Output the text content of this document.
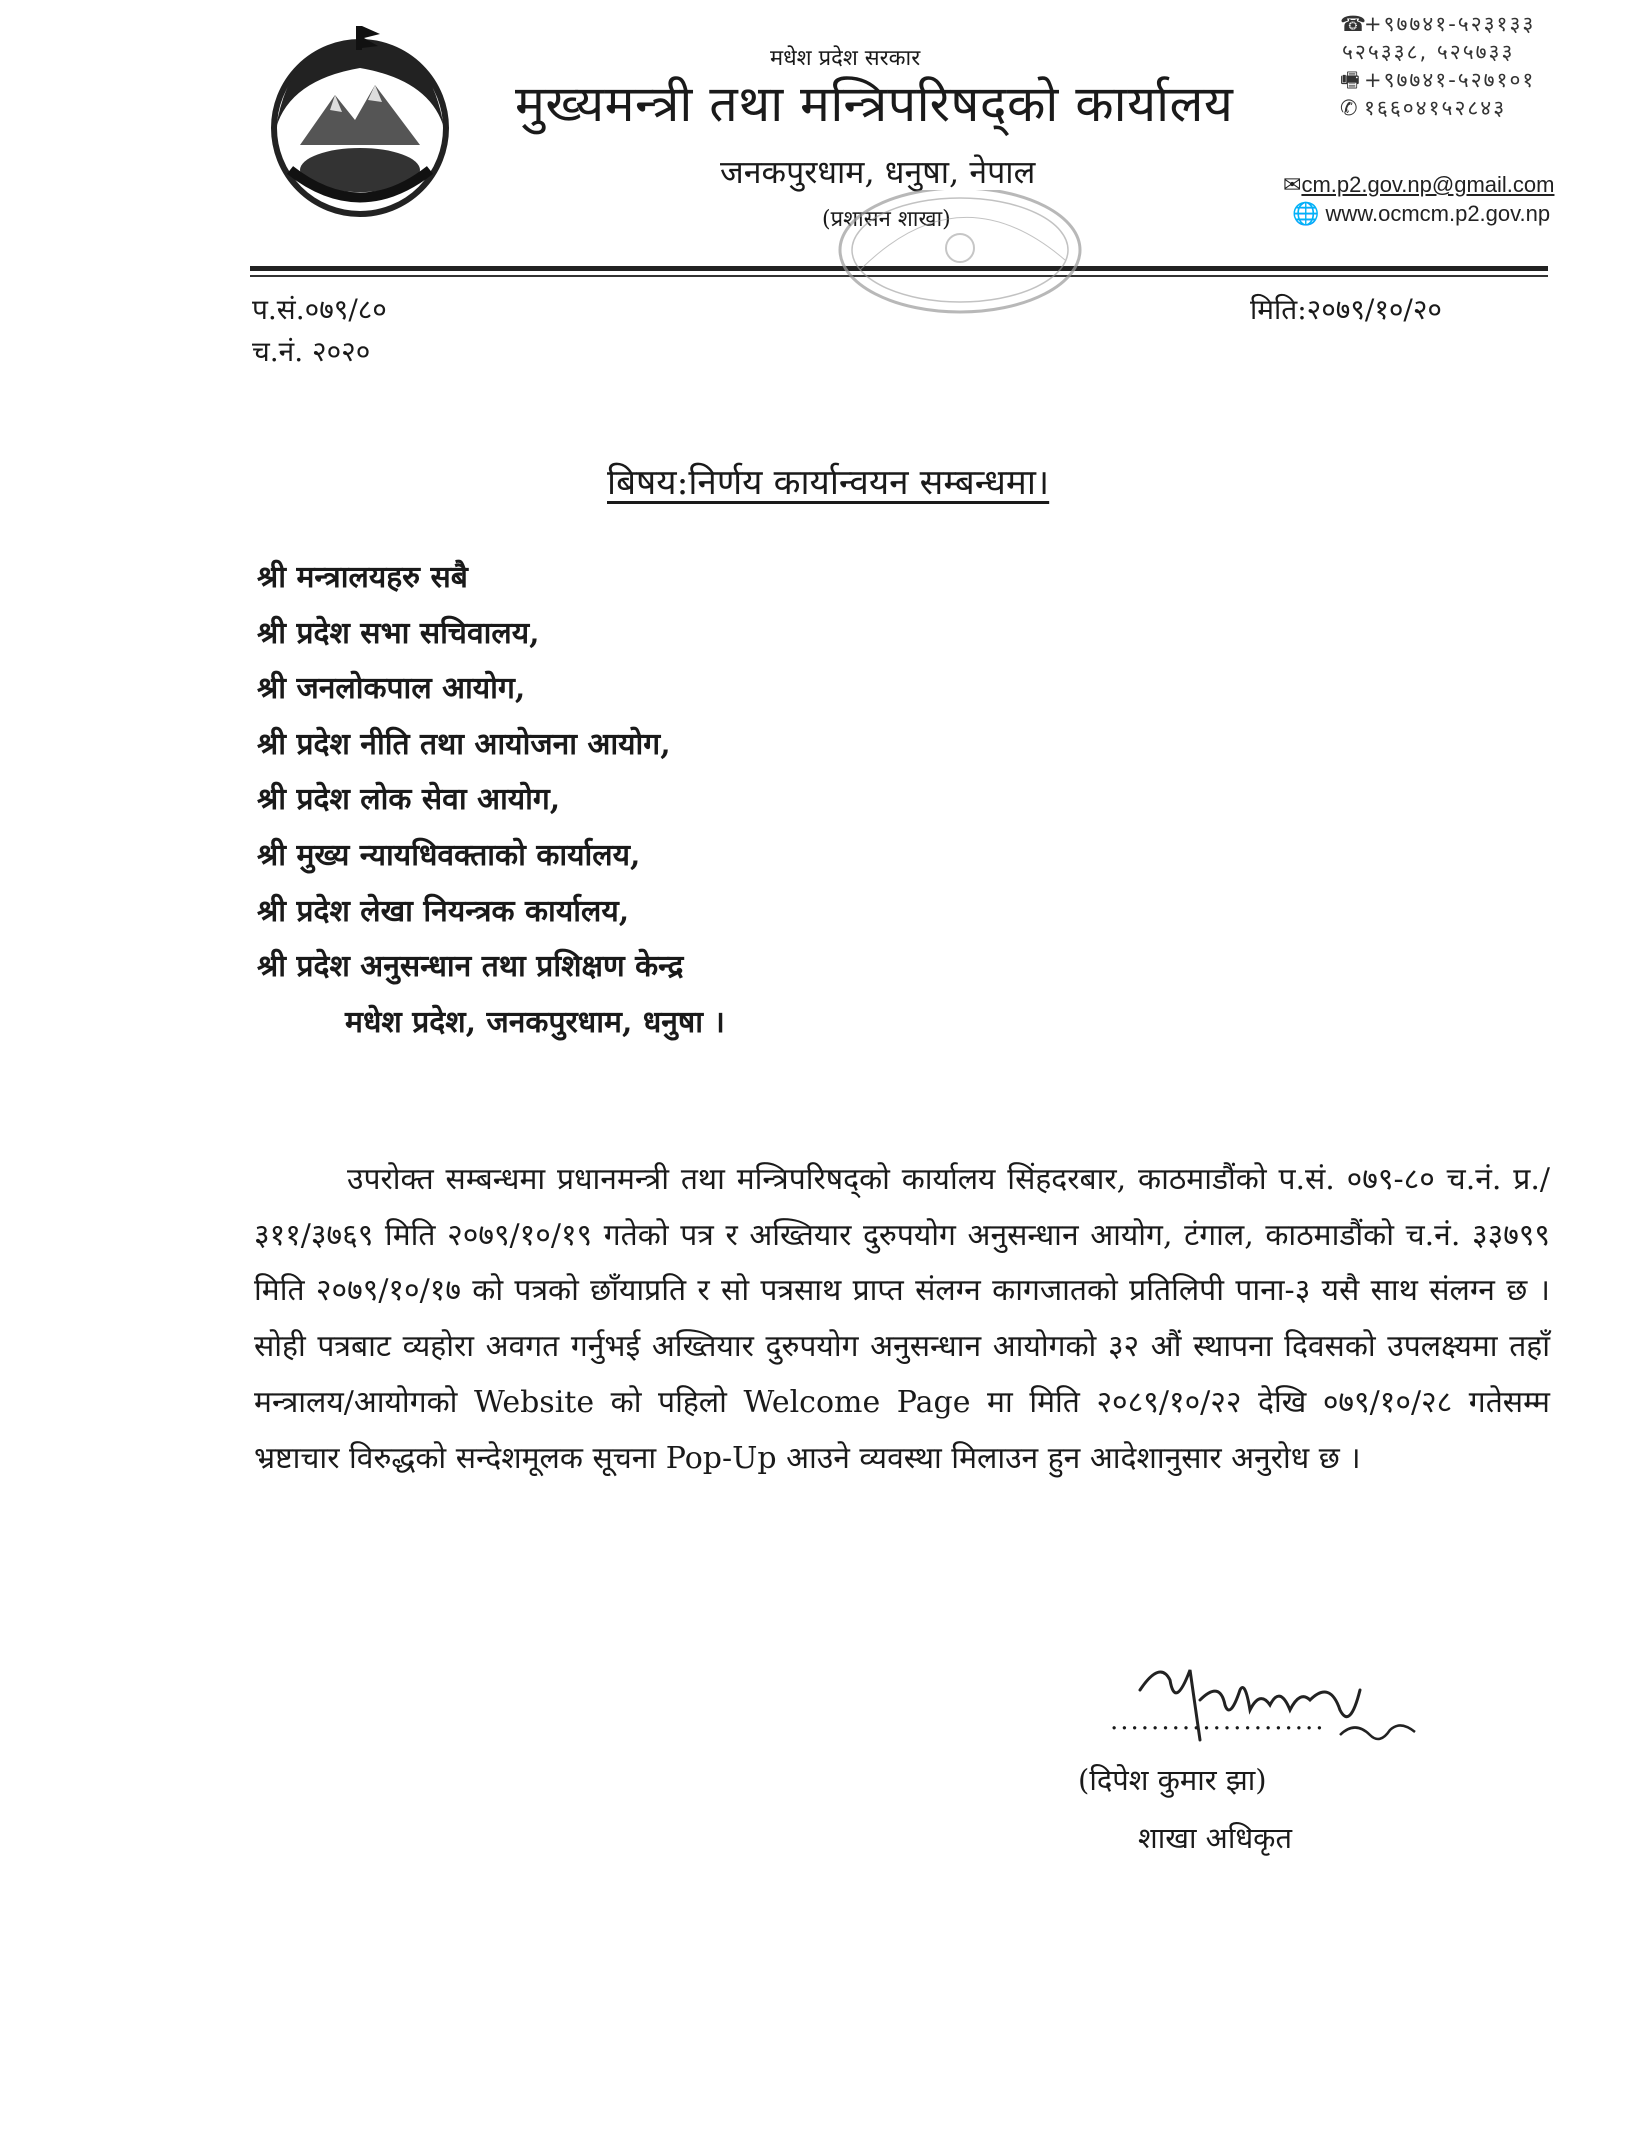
मधेश प्रदेश सरकार
मुख्यमन्त्री तथा मन्त्रिपरिषद्को कार्यालय
जनकपुरधाम, धनुषा, नेपाल
(प्रशासन शाखा)
☎+९७७४१-५२३१३३
५२५३३८, ५२५७३३
🖷 +९७७४१-५२७१०१
✆ १६६०४१५२८४३
✉cm.p2.gov.np@gmail.com
🌐 www.ocmcm.p2.gov.np
प.सं.०७९/८०
च.नं. २०२०
मिति:२०७९/१०/२०
बिषय:निर्णय कार्यान्वयन सम्बन्धमा।
श्री मन्त्रालयहरु सबै
श्री प्रदेश सभा सचिवालय,
श्री जनलोकपाल आयोग,
श्री प्रदेश नीति तथा आयोजना आयोग,
श्री प्रदेश लोक सेवा आयोग,
श्री मुख्य न्यायधिवक्ताको कार्यालय,
श्री प्रदेश लेखा नियन्त्रक कार्यालय,
श्री प्रदेश अनुसन्धान तथा प्रशिक्षण केन्द्र
मधेश प्रदेश, जनकपुरधाम, धनुषा ।
उपरोक्त सम्बन्धमा प्रधानमन्त्री तथा मन्त्रिपरिषद्को कार्यालय सिंहदरबार, काठमाडौंको प.सं. ०७९-८० च.नं. प्र./३११/३७६९ मिति २०७९/१०/१९ गतेको पत्र र अख्तियार दुरुपयोग अनुसन्धान आयोग, टंगाल, काठमाडौंको च.नं. ३३७९९ मिति २०७९/१०/१७ को पत्रको छाँयाप्रति र सो पत्रसाथ प्राप्त संलग्न कागजातको प्रतिलिपी पाना-३ यसै साथ संलग्न छ । सोही पत्रबाट व्यहोरा अवगत गर्नुभई अख्तियार दुरुपयोग अनुसन्धान आयोगको ३२ औं स्थापना दिवसको उपलक्ष्यमा तहाँ मन्त्रालय/आयोगको Website को पहिलो Welcome Page मा मिति २०८९/१०/२२ देखि ०७९/१०/२८ गतेसम्म भ्रष्टाचार विरुद्धको सन्देशमूलक सूचना Pop-Up आउने व्यवस्था मिलाउन हुन आदेशानुसार अनुरोध छ ।
.....................
(दिपेश कुमार झा)
शाखा अधिकृत
